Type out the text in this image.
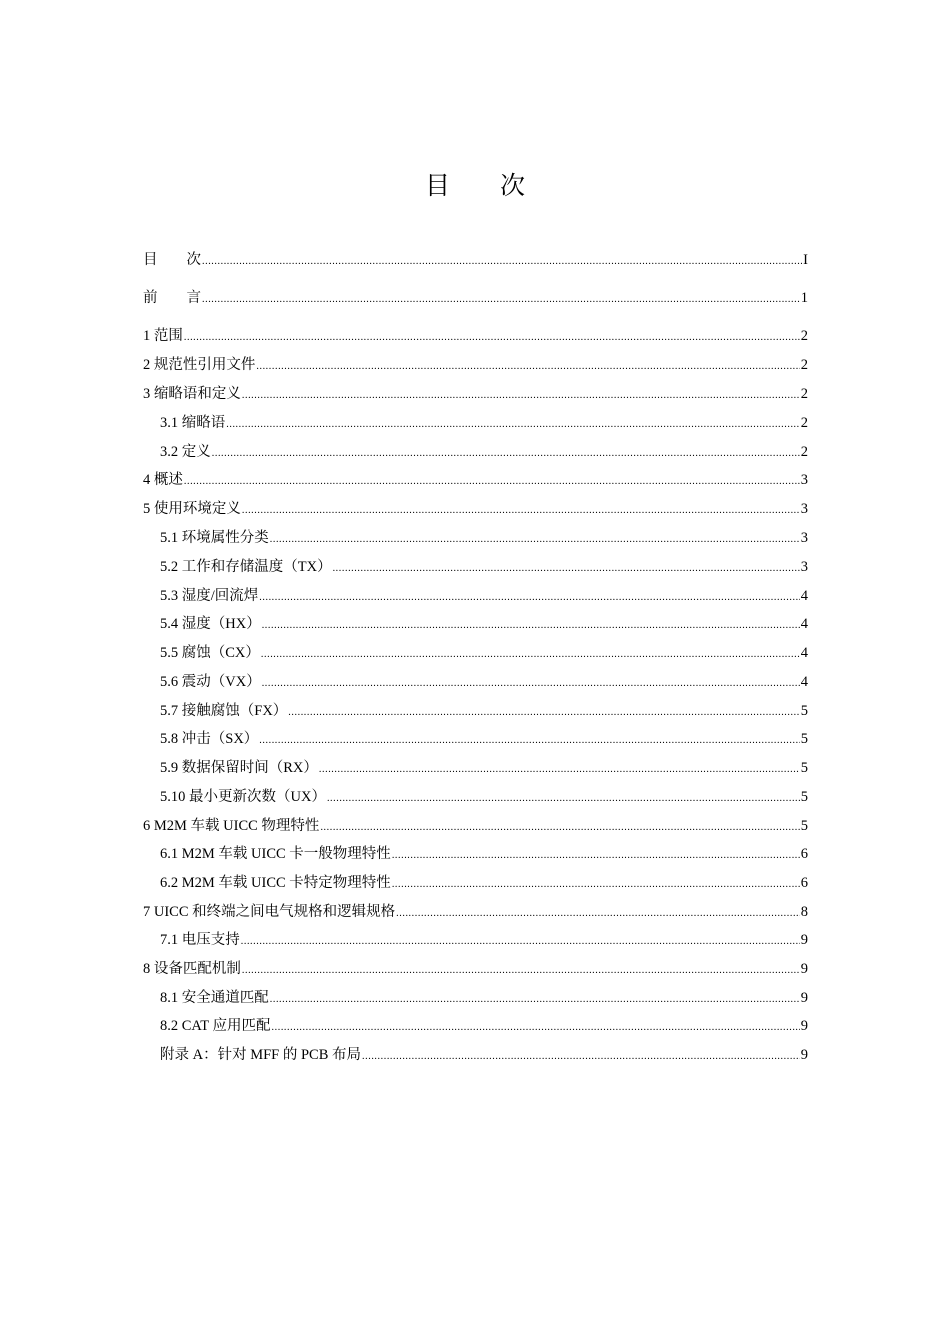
目　　次
目　　次 .....	I
前　　言 .....	1
1 范围 .....	2
2 规范性引用文件 .....	2
3 缩略语和定义 .....	2
3.1 缩略语 .....	2
3.2 定义 .....	2
4 概述 .....	3
5 使用环境定义 .....	3
5.1 环境属性分类 .....	3
5.2 工作和存储温度（TX） .....	3
5.3 湿度/回流焊 .....	4
5.4 湿度（HX） .....	4
5.5 腐蚀（CX） .....	4
5.6 震动（VX） .....	4
5.7 接触腐蚀（FX） .....	5
5.8 冲击（SX） .....	5
5.9 数据保留时间（RX） .....	5
5.10 最小更新次数（UX） .....	5
6 M2M 车载 UICC 物理特性 .....	5
6.1 M2M 车载 UICC 卡一般物理特性 .....	6
6.2 M2M 车载 UICC 卡特定物理特性 .....	6
7 UICC 和终端之间电气规格和逻辑规格 .....	8
7.1 电压支持 .....	9
8 设备匹配机制 .....	9
8.1 安全通道匹配 .....	9
8.2 CAT 应用匹配 .....	9
附录 A：针对 MFF 的 PCB 布局 .....	9
